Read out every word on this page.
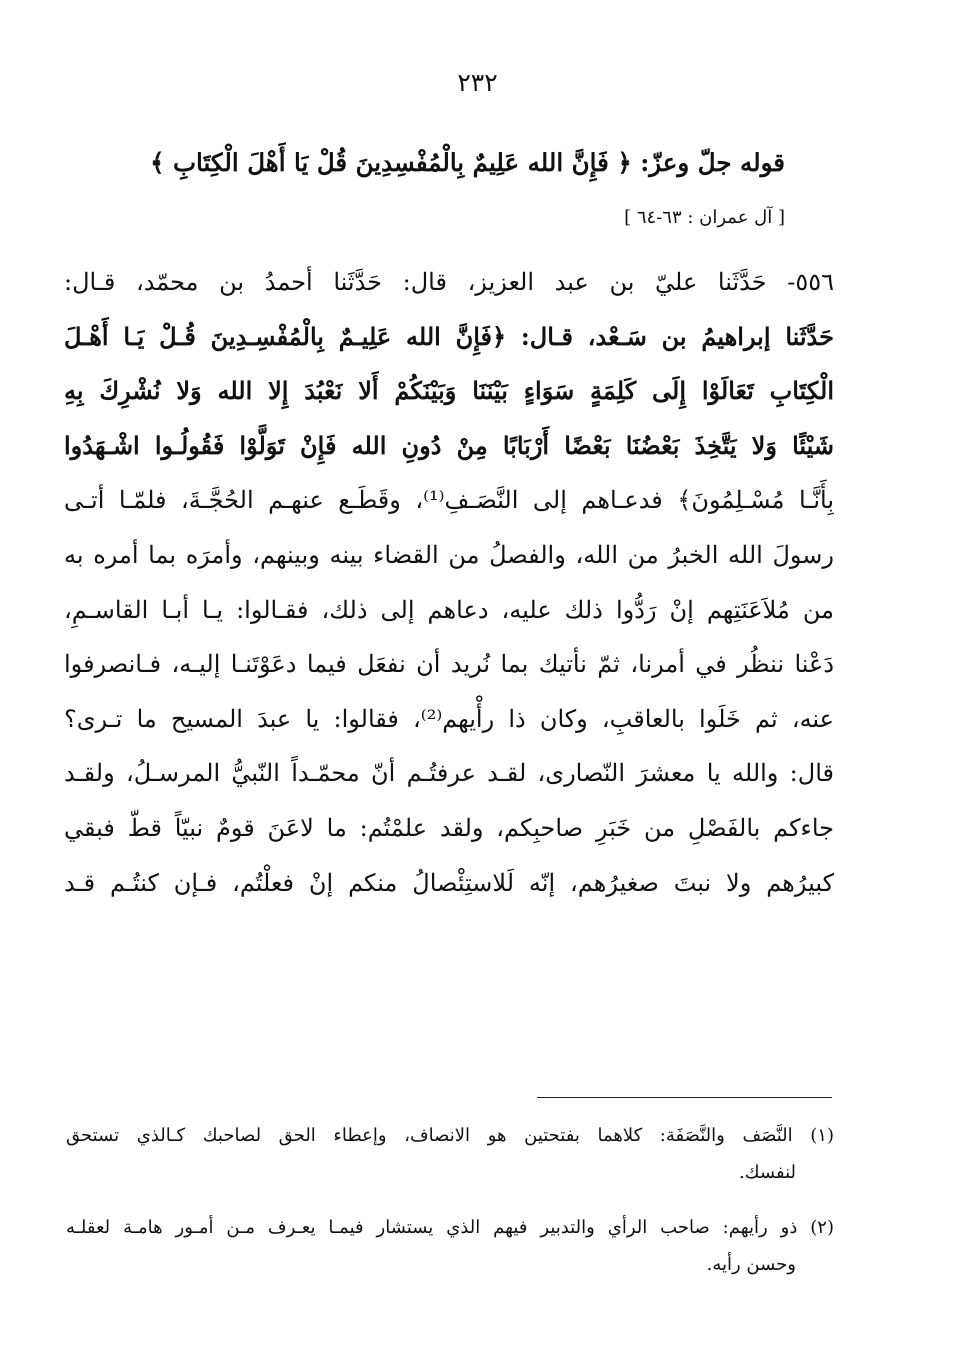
٢٣٢
قوله جلّ وعزّ: ﴿ فَإِنَّ الله عَلِيمٌ بِالْمُفْسِدِينَ قُلْ يَا أَهْلَ الْكِتَابِ ﴾
[ آل عمران : ٦٣-٦٤ ]
٥٥٦- حَدَّثَنا عليّ بن عبد العزيز، قال: حَدَّثَنا أحمدُ بن محمّد، قـال:
حَدَّثَنا إبراهيمُ بن سَـعْد، قـال: ﴿فَإِنَّ الله عَلِيـمٌ بِالْمُفْسِـدِينَ قُـلْ يَـا أَهْـلَ
الْكِتَابِ تَعَالَوْا إِلَى كَلِمَةٍ سَوَاءٍ بَيْنَنَا وَبَيْنَكُمْ أَلا نَعْبُدَ إِلا الله وَلا نُشْرِكَ بِهِ
شَيْئًا وَلا يَتَّخِذَ بَعْضُنَا بَعْضًا أَرْبَابًا مِنْ دُونِ الله فَإِنْ تَوَلَّوْا فَقُولُـوا اشْـهَدُوا
بِأَنَّـا مُسْـلِمُونَ﴾ فدعـاهم إلى النَّصَـفِ⁽¹⁾، وقَطَـع عنهـم الحُجَّـةَ، فلمّـا أتـى
رسولَ الله الخبرُ من الله، والفصلُ من القضاء بينه وبينهم، وأمرَه بما أمره به
من مُلاَعَنَتِهم إنْ رَدُّوا ذلك عليه، دعاهم إلى ذلك، فقـالوا: يـا أبـا القاسـمِ،
دَعْنا ننظُر في أمرنا، ثمّ نأتيك بما نُريد أن نفعَل فيما دعَوْتَنـا إليـه، فـانصرفوا
عنه، ثم خَلَوا بالعاقبِ، وكان ذا رأْيهم⁽²⁾، فقالوا: يا عبدَ المسيح ما تـرى؟
قال: والله يا معشرَ النّصارى، لقـد عرفتُـم أنّ محمّـداً النّبيُّ المرسـلُ، ولقـد
جاءكم بالفَصْلِ من خَبَرِ صاحبِكم، ولقد علمْتُم: ما لاعَنَ قومٌ نبيّاً قطّ فبقي
كبيرُهم ولا نبتَ صغيرُهم، إنّه لَلاستِئْصالُ منكم إنْ فعلْتُم، فـإن كنتُـم قـد
(١) النَّصَف والنَّصَفَة: كلاهما بفتحتين هو الانصاف، وإعطاء الحق لصاحبك كـالذي تستحق
لنفسك.
(٢) ذو رأيهم: صاحب الرأي والتدبير فيهم الذي يستشار فيمـا يعـرف مـن أمـور هامـة لعقلـه
وحسن رأيه.
